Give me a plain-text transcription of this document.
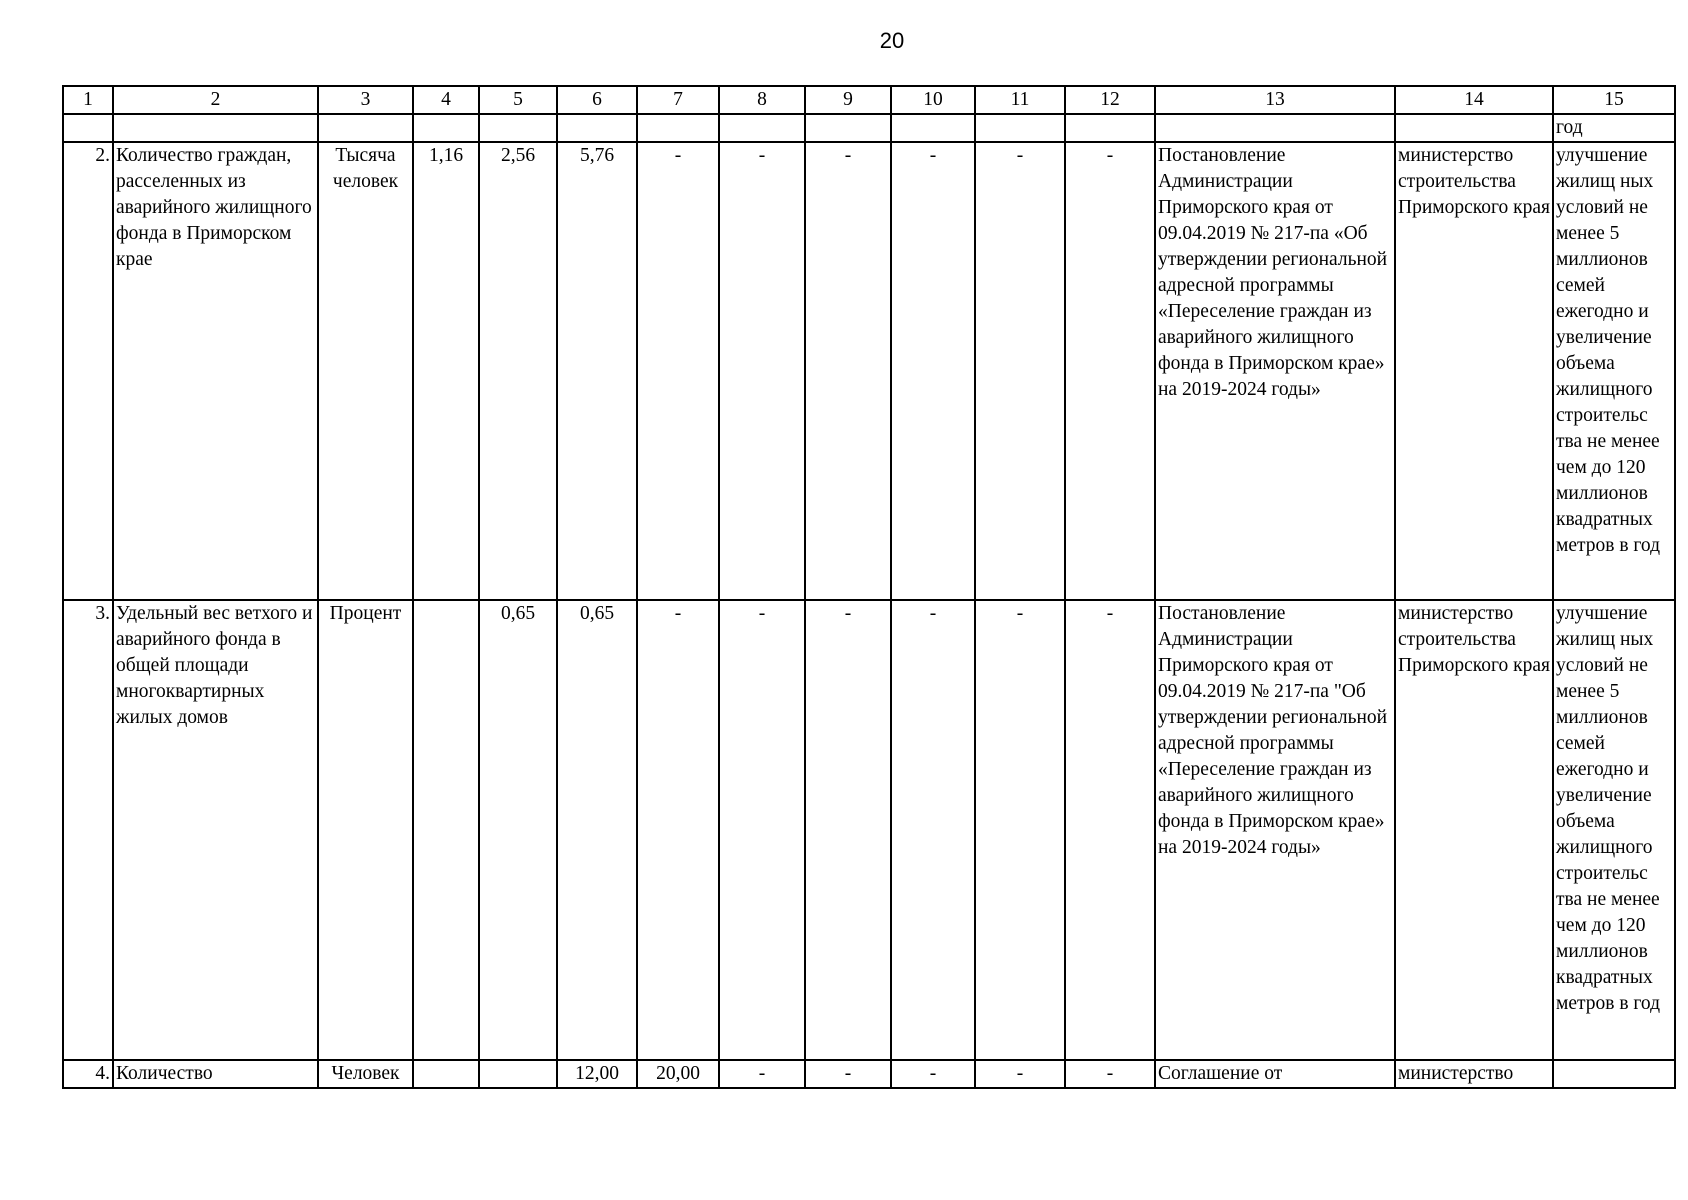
20
1	2	3	4	5	6	7	8	9	10	11	12	13	14	15
														год
2.	Количество граждан, расселенных из аварийного жилищного фонда в Приморском крае	Тысяча человек	1,16	2,56	5,76	-	-	-	-	-	-	Постановление Администрации Приморского края от 09.04.2019 № 217-па «Об утверждении региональной адресной программы «Переселение граждан из аварийного жилищного фонда в Приморском крае» на 2019-2024 годы»	министерство строительства Приморского края	улучшение жилищ ных условий не менее 5 миллионов семей ежегодно и увеличение объема жилищного строительс тва не менее чем до 120 миллионов квадратных метров в год
3.	Удельный вес ветхого и аварийного фонда в общей площади многоквартирных жилых домов	Процент		0,65	0,65	-	-	-	-	-	-	Постановление Администрации Приморского края от 09.04.2019 № 217-па "Об утверждении региональной адресной программы «Переселение граждан из аварийного жилищного фонда в Приморском крае» на 2019-2024 годы»	министерство строительства Приморского края	улучшение жилищ ных условий не менее 5 миллионов семей ежегодно и увеличение объема жилищного строительс тва не менее чем до 120 миллионов квадратных метров в год
4.	Количество	Человек			12,00	20,00	-	-	-	-	-	Соглашение от	министерство	
